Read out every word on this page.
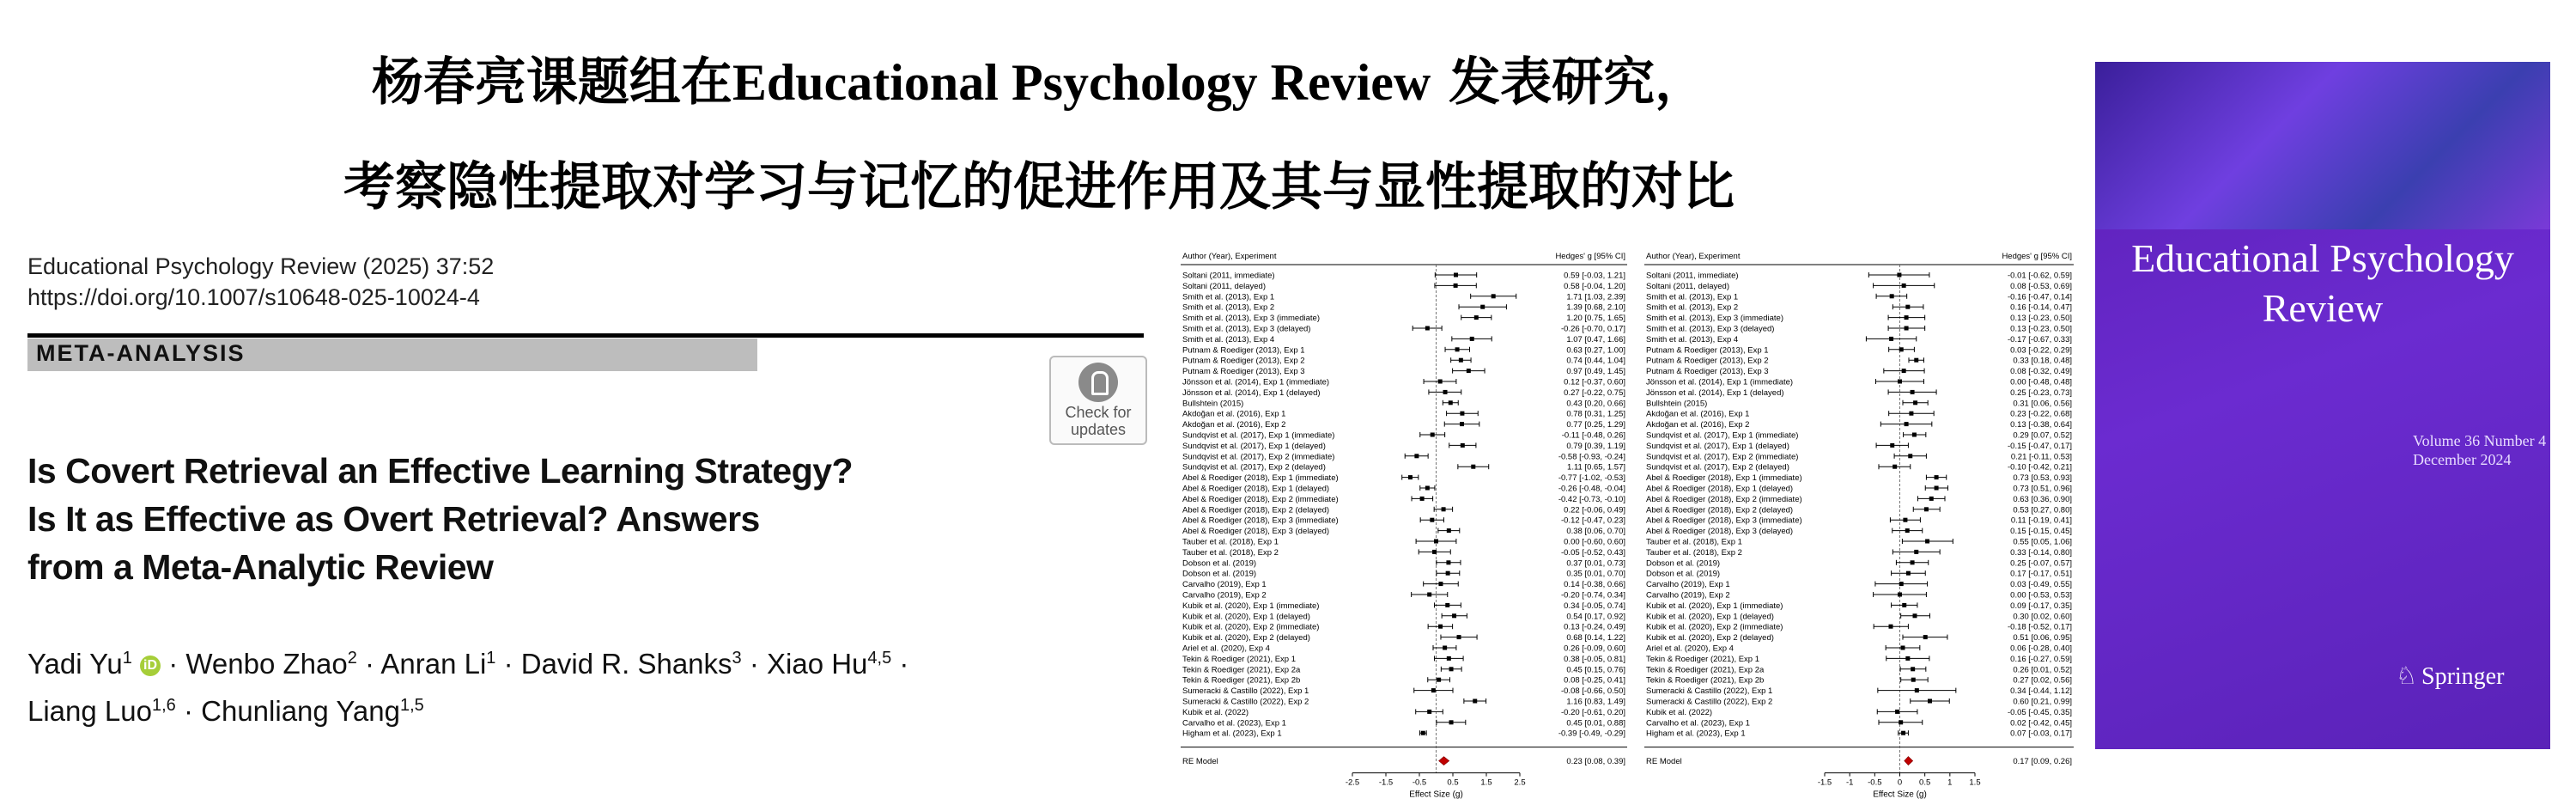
杨春亮课题组在Educational Psychology Review 发表研究，
考察隐性提取对学习与记忆的促进作用及其与显性提取的对比
Educational Psychology Review (2025) 37:52
https://doi.org/10.1007/s10648-025-10024-4
META-ANALYSIS
Check for updates
Is Covert Retrieval an Effective Learning Strategy?
Is It as Effective as Overt Retrieval? Answers
from a Meta-Analytic Review
Yadi Yu$^1$ iD · Wenbo Zhao$^2$ · Anran $Li^1$ · David R. Shanks$^3$ · Xiao Hu$^{4,5}$ ·
Liang Luo$^{1,6}$ · Chunliang Yang$^{1,5}$
Author (Year), Experiment	Hedges' g [95% CI]
Soltani (2011, immediate)	0.59 [-0.03, 1.21]
Soltani (2011, delayed)	0.58 [-0.04, 1.20]
Smith et al. (2013), Exp 1	1.71 [1.03, 2.39]
Smith et al. (2013), Exp 2	1.39 [0.68, 2.10]
Smith et al. (2013), Exp 3 (immediate)	1.20 [0.75, 1.65]
Smith et al. (2013), Exp 3 (delayed)	-0.26 [-0.70, 0.17]
Smith et al. (2013), Exp 4	1.07 [0.47, 1.66]
Putnam & Roediger (2013), Exp 1	0.63 [0.27, 1.00]
Putnam & Roediger (2013), Exp 2	0.74 [0.44, 1.04]
Putnam & Roediger (2013), Exp 3	0.97 [0.49, 1.45]
Jönsson et al. (2014), Exp 1 (immediate)	0.12 [-0.37, 0.60]
Jönsson et al. (2014), Exp 1 (delayed)	0.27 [-0.22, 0.75]
Bullshtein (2015)	0.43 [0.20, 0.66]
Akdoğan et al. (2016), Exp 1	0.78 [0.31, 1.25]
Akdoğan et al. (2016), Exp 2	0.77 [0.25, 1.29]
Sundqvist et al. (2017), Exp 1 (immediate)	-0.11 [-0.48, 0.26]
Sundqvist et al. (2017), Exp 1 (delayed)	0.79 [0.39, 1.19]
Sundqvist et al. (2017), Exp 2 (immediate)	-0.58 [-0.93, -0.24]
Sundqvist et al. (2017), Exp 2 (delayed)	1.11 [0.65, 1.57]
Abel & Roediger (2018), Exp 1 (immediate)	-0.77 [-1.02, -0.53]
Abel & Roediger (2018), Exp 1 (delayed)	-0.26 [-0.48, -0.04]
Abel & Roediger (2018), Exp 2 (immediate)	-0.42 [-0.73, -0.10]
Abel & Roediger (2018), Exp 2 (delayed)	0.22 [-0.06, 0.49]
Abel & Roediger (2018), Exp 3 (immediate)	-0.12 [-0.47, 0.23]
Abel & Roediger (2018), Exp 3 (delayed)	0.38 [0.06, 0.70]
Tauber et al. (2018), Exp 1	0.00 [-0.60, 0.60]
Tauber et al. (2018), Exp 2	-0.05 [-0.52, 0.43]
Dobson et al. (2019)	0.37 [0.01, 0.73]
Dobson et al. (2019)	0.35 [0.01, 0.70]
Carvalho (2019), Exp 1	0.14 [-0.38, 0.66]
Carvalho (2019), Exp 2	-0.20 [-0.74, 0.34]
Kubik et al. (2020), Exp 1 (immediate)	0.34 [-0.05, 0.74]
Kubik et al. (2020), Exp 1 (delayed)	0.54 [0.17, 0.92]
Kubik et al. (2020), Exp 2 (immediate)	0.13 [-0.24, 0.49]
Kubik et al. (2020), Exp 2 (delayed)	0.68 [0.14, 1.22]
Ariel et al. (2020), Exp 4	0.26 [-0.09, 0.60]
Tekin & Roediger (2021), Exp 1	0.38 [-0.05, 0.81]
Tekin & Roediger (2021), Exp 2a	0.45 [0.15, 0.76]
Tekin & Roediger (2021), Exp 2b	0.08 [-0.25, 0.41]
Sumeracki & Castillo (2022), Exp 1	-0.08 [-0.66, 0.50]
Sumeracki & Castillo (2022), Exp 2	1.16 [0.83, 1.49]
Kubik et al. (2022)	-0.20 [-0.61, 0.20]
Carvalho et al. (2023), Exp 1	0.45 [0.01, 0.88]
Higham et al. (2023), Exp 1	-0.39 [-0.49, -0.29]
RE Model	0.23 [0.08, 0.39]
-2.5 -1.5 -0.5	0.5	1.5	2.5
Effect Size (g)
Author (Year), Experiment	Hedges' g [95% CI]
Soltani (2011, immediate)	-0.01 [-0.62, 0.59]
Soltani (2011, delayed)	0.08 [-0.53, 0.69]
Smith et al. (2013), Exp 1	-0.16 [-0.47, 0.14]
Smith et al. (2013), Exp 2	0.16 [-0.14, 0.47]
Smith et al. (2013), Exp 3 (immediate)	0.13 [-0.23, 0.50]
Smith et al. (2013), Exp 3 (delayed)	0.13 [-0.23, 0.50]
Smith et al. (2013), Exp 4	-0.17 [-0.67, 0.33]
Putnam & Roediger (2013), Exp 1	0.03 [-0.22, 0.29]
Putnam & Roediger (2013), Exp 2	0.33 [0.18, 0.48]
Putnam & Roediger (2013), Exp 3	0.08 [-0.32, 0.49]
Jönsson et al. (2014), Exp 1 (immediate)	0.00 [-0.48, 0.48]
Jönsson et al. (2014), Exp 1 (delayed)	0.25 [-0.23, 0.73]
Bullshtein (2015)	0.31 [0.06, 0.56]
Akdoğan et al. (2016), Exp 1	0.23 [-0.22, 0.68]
Akdoğan et al. (2016), Exp 2	0.13 [-0.38, 0.64]
Sundqvist et al. (2017), Exp 1 (immediate)	0.29 [0.07, 0.52]
Sundqvist et al. (2017), Exp 1 (delayed)	-0.15 [-0.47, 0.17]
Sundqvist et al. (2017), Exp 2 (immediate)	0.21 [-0.11, 0.53]
Sundqvist et al. (2017), Exp 2 (delayed)	-0.10 [-0.42, 0.21]
Abel & Roediger (2018), Exp 1 (immediate)	0.73 [0.53, 0.93]
Abel & Roediger (2018), Exp 1 (delayed)	0.73 [0.51, 0.96]
Abel & Roediger (2018), Exp 2 (immediate)	0.63 [0.36, 0.90]
Abel & Roediger (2018), Exp 2 (delayed)	0.53 [0.27, 0.80]
Abel & Roediger (2018), Exp 3 (immediate)	0.11 [-0.19, 0.41]
Abel & Roediger (2018), Exp 3 (delayed)	0.15 [-0.15, 0.45]
Tauber et al. (2018), Exp 1	0.55 [0.05, 1.06]
Tauber et al. (2018), Exp 2	0.33 [-0.14, 0.80]
Dobson et al. (2019)	0.25 [-0.07, 0.57]
Dobson et al. (2019)	0.17 [-0.17, 0.51]
Carvalho (2019), Exp 1	0.03 [-0.49, 0.55]
Carvalho (2019), Exp 2	0.00 [-0.53, 0.53]
Kubik et al. (2020), Exp 1 (immediate)	0.09 [-0.17, 0.35]
Kubik et al. (2020), Exp 1 (delayed)	0.30 [0.02, 0.60]
Kubik et al. (2020), Exp 2 (immediate)	-0.18 [-0.52, 0.17]
Kubik et al. (2020), Exp 2 (delayed)	0.51 [0.06, 0.95]
Ariel et al. (2020), Exp 4	0.06 [-0.28, 0.40]
Tekin & Roediger (2021), Exp 1	0.16 [-0.27, 0.59]
Tekin & Roediger (2021), Exp 2a	0.26 [0.01, 0.52]
Tekin & Roediger (2021), Exp 2b	0.27 [0.02, 0.56]
Sumeracki & Castillo (2022), Exp 1	0.34 [-0.44, 1.12]
Sumeracki & Castillo (2022), Exp 2	0.60 [0.21, 0.99]
Kubik et al. (2022)	-0.05 [-0.45, 0.35]
Carvalho et al. (2023), Exp 1	0.02 [-0.42, 0.45]
Higham et al. (2023), Exp 1	0.07 [-0.03, 0.17]
RE Model	0.17 [0.09, 0.26]
-1.5 -1 -0.5 0 0.5 1 1.5
Effect Size (g)
Educational Psychology
Review
Volume 36 Number 4
December 2024
♘ Springer
